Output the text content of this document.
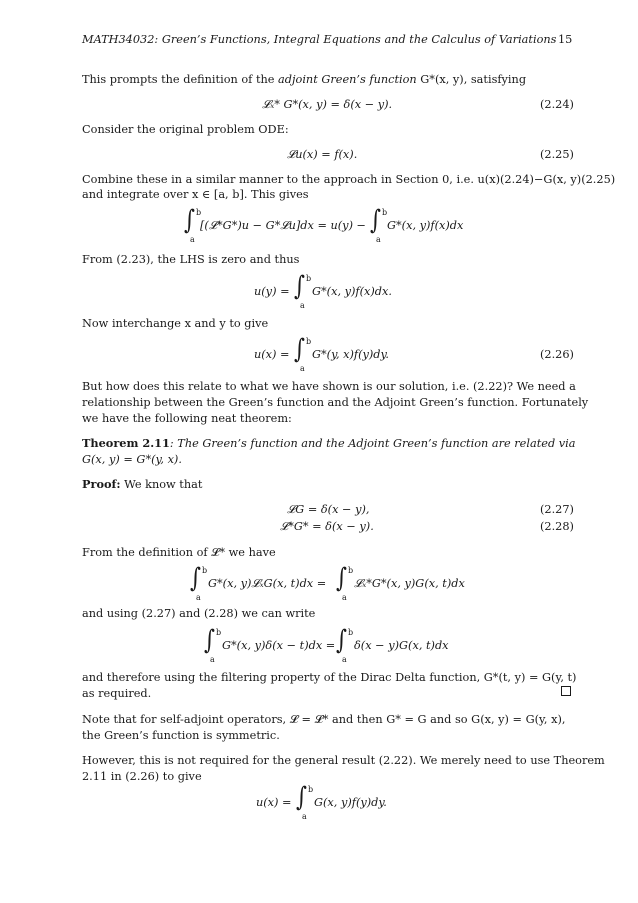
MATH34032: Green’s Functions, Integral Equations and the Calculus of Variations 15
This prompts the definition of the adjoint Green’s function G*(x, y), satisfying
𝓛ₓ* G*(x, y) = δ(x − y).	(2.24)
Consider the original problem ODE:
𝓛u(x) = f(x).	(2.25)
Combine these in a similar manner to the approach in Section 0, i.e. u(x)(2.24)−G(x, y)(2.25)
and integrate over x ∈ [a, b]. This gives
∫ b
a
[(𝓛*G*)u − G*𝓛u]dx = u(y) − ∫ b
a
G*(x, y)f(x)dx
From (2.23), the LHS is zero and thus
u(y) = ∫ b
a
G*(x, y)f(x)dx.
Now interchange x and y to give
u(x) = ∫ b
a
G*(y, x)f(y)dy.	(2.26)
But how does this relate to what we have shown is our solution, i.e. (2.22)? We need a
relationship between the Green’s function and the Adjoint Green’s function. Fortunately
we have the following neat theorem:
Theorem 2.11: The Green’s function and the Adjoint Green’s function are related via
G(x, y) = G*(y, x).
Proof: We know that
𝓛G = δ(x − y),	(2.27)
𝓛*G* = δ(x − y).	(2.28)
From the definition of 𝓛* we have
∫ b
a
G*(x, y)𝓛ₓG(x, t)dx = ∫ b
a
𝓛ₓ*G*(x, y)G(x, t)dx
and using (2.27) and (2.28) we can write
∫ b
a
G*(x, y)δ(x − t)dx = ∫ b
a
δ(x − y)G(x, t)dx
and therefore using the filtering property of the Dirac Delta function, G*(t, y) = G(y, t)
as required.
Note that for self-adjoint operators, 𝓛 = 𝓛* and then G* = G and so G(x, y) = G(y, x),
the Green’s function is symmetric.
However, this is not required for the general result (2.22). We merely need to use Theorem
2.11 in (2.26) to give
u(x) = ∫ b
a
G(x, y)f(y)dy.
